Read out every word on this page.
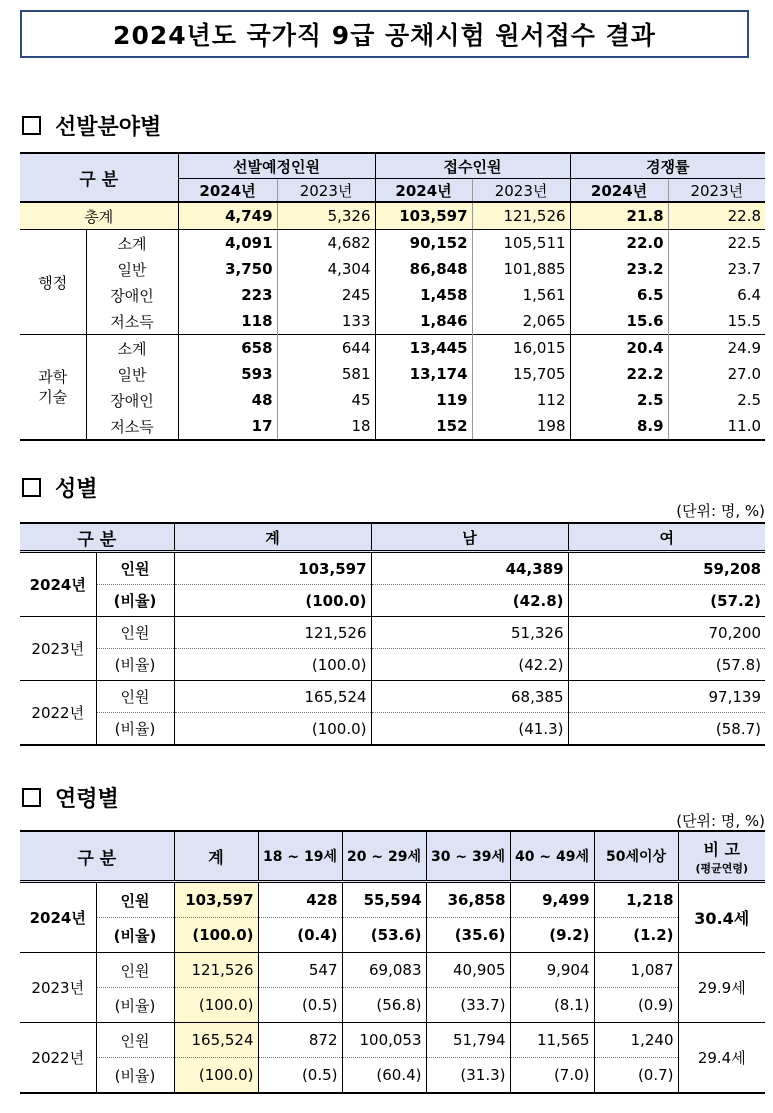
2024년도 국가직 9급 공채시험 원서접수 결과
선발분야별
구 분		선발예정인원		접수인원		경쟁률	
		2024년	2023년	2024년	2023년	2024년	2023년
총계		4,749	5,326	103,597	121,526	21.8	22.8
행정	소계	4,091	4,682	90,152	105,511	22.0	22.5
	일반	3,750	4,304	86,848	101,885	23.2	23.7
	장애인	223	245	1,458	1,561	6.5	6.4
	저소득	118	133	1,846	2,065	15.6	15.5
과학
기술	소계	658	644	13,445	16,015	20.4	24.9
	일반	593	581	13,174	15,705	22.2	27.0
	장애인	48	45	119	112	2.5	2.5
	저소득	17	18	152	198	8.9	11.0
성별
(단위: 명, %)
구 분		계	남	여
2024년	인원	103,597	44,389	59,208
	(비율)	(100.0)	(42.8)	(57.2)
2023년	인원	121,526	51,326	70,200
	(비율)	(100.0)	(42.2)	(57.8)
2022년	인원	165,524	68,385	97,139
	(비율)	(100.0)	(41.3)	(58.7)
연령별
(단위: 명, %)
구 분		계	18 ~ 19세	20 ~ 29세	30 ~ 39세	40 ~ 49세	50세이상	비 고
(평균연령)

2024년	인원	103,597	428	55,594	36,858	9,499	1,218	30.4세
	(비율)	(100.0)	(0.4)	(53.6)	(35.6)	(9.2)	(1.2)	
2023년	인원	121,526	547	69,083	40,905	9,904	1,087	29.9세
	(비율)	(100.0)	(0.5)	(56.8)	(33.7)	(8.1)	(0.9)	
2022년	인원	165,524	872	100,053	51,794	11,565	1,240	29.4세
	(비율)	(100.0)	(0.5)	(60.4)	(31.3)	(7.0)	(0.7)	
